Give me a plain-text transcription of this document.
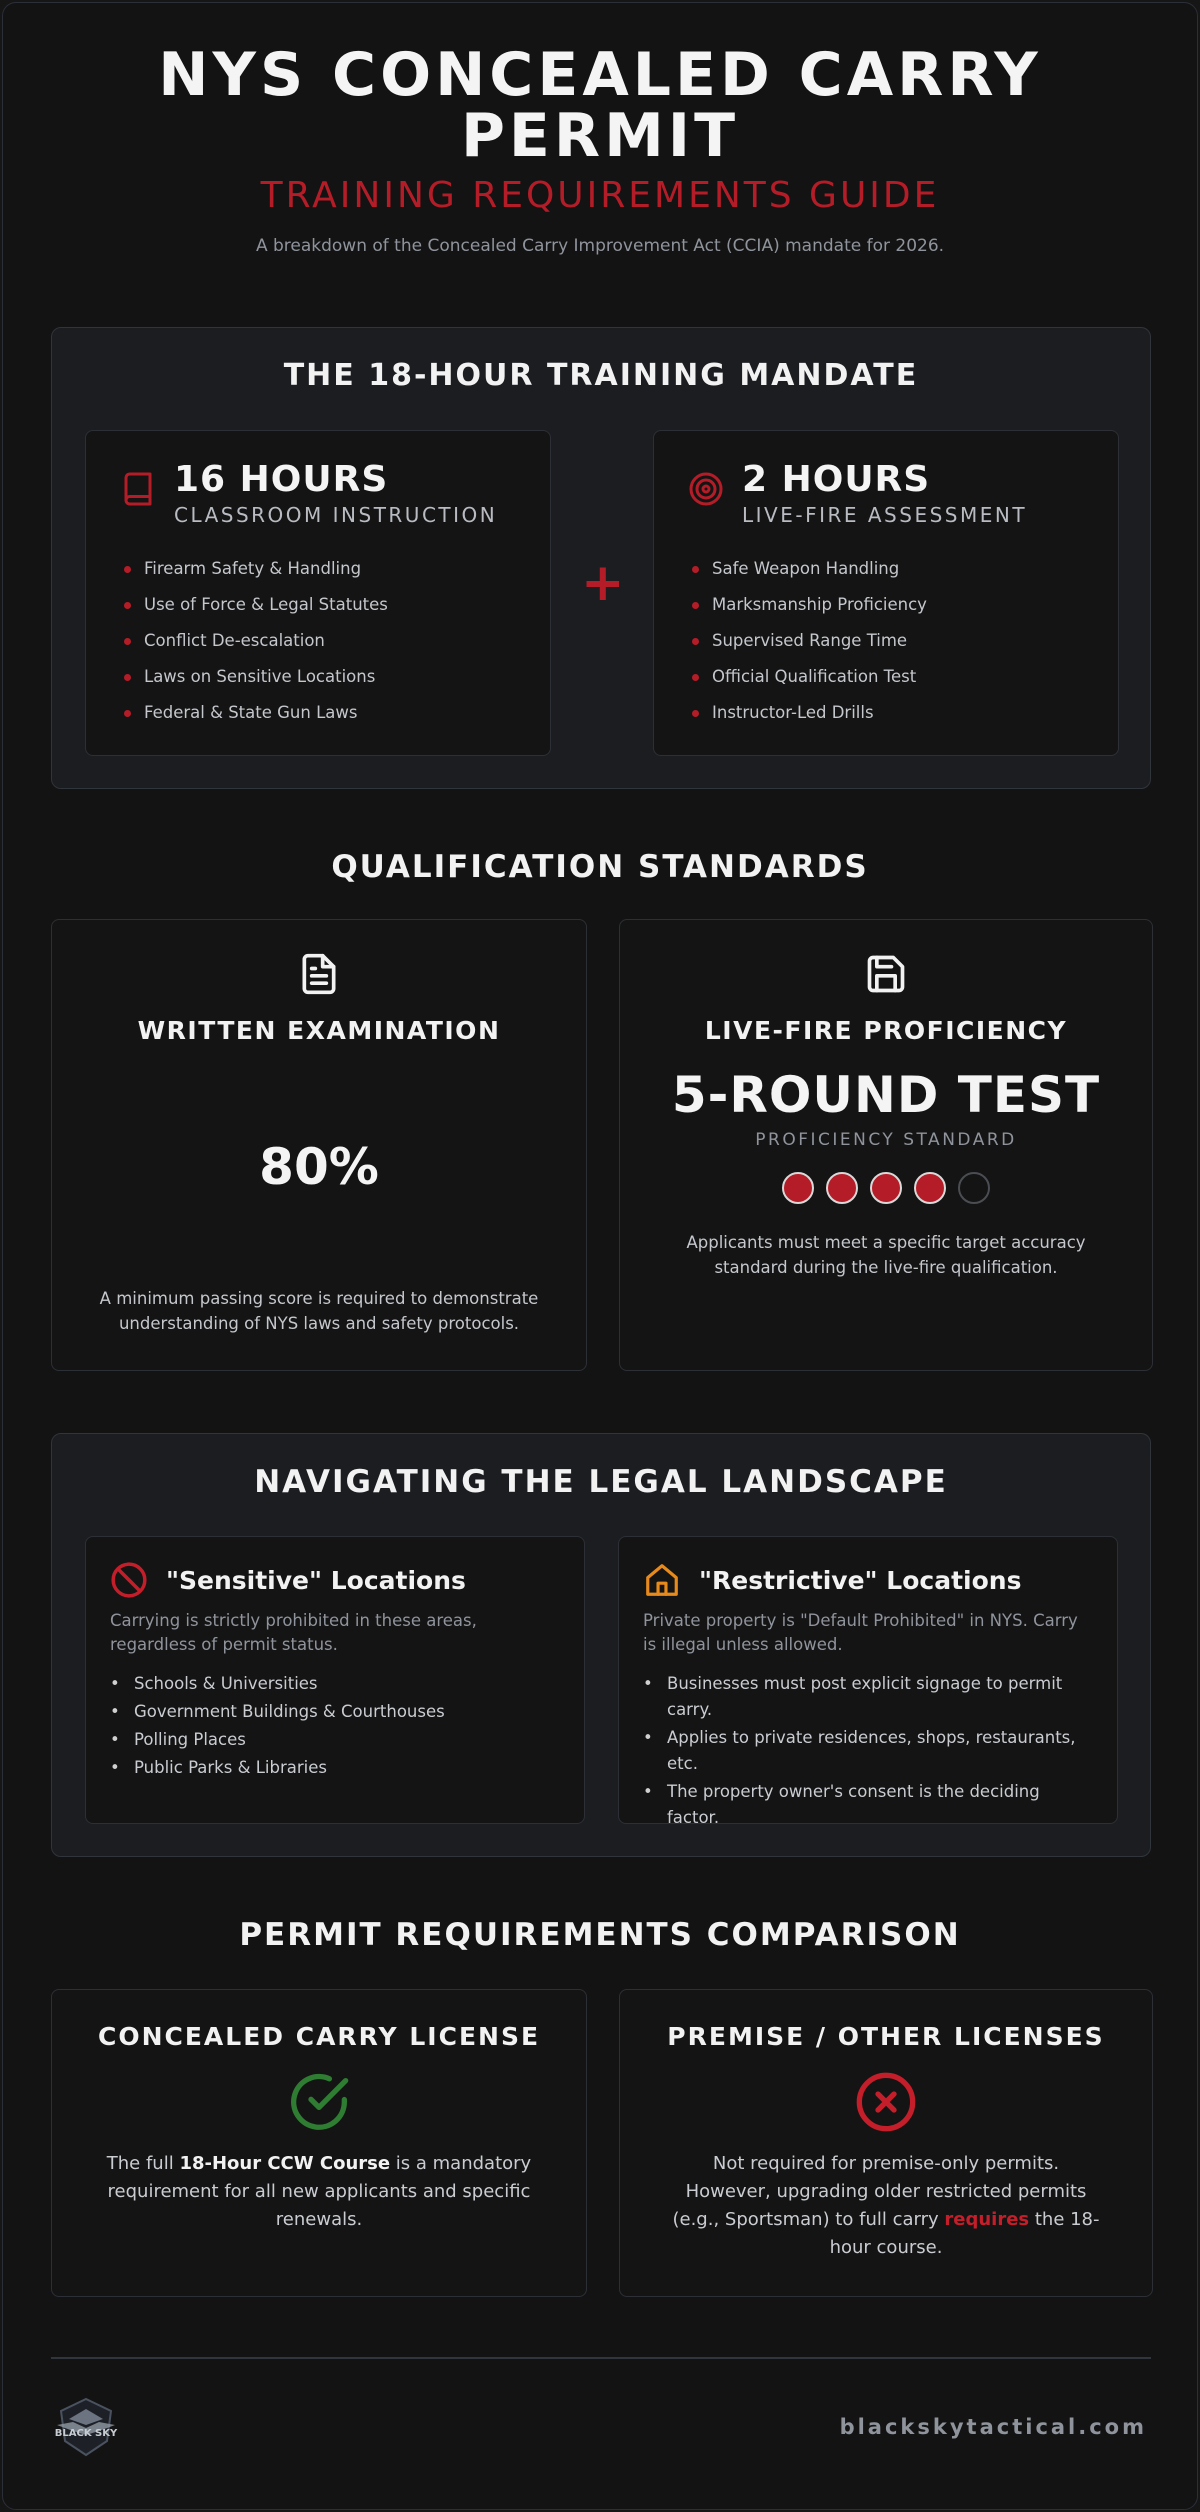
NYS CONCEALED CARRY
PERMIT
TRAINING REQUIREMENTS GUIDE
A breakdown of the Concealed Carry Improvement Act (CCIA) mandate for 2026.
THE 18-HOUR TRAINING MANDATE
16 HOURS
CLASSROOM INSTRUCTION
Firearm Safety & Handling
Use of Force & Legal Statutes
Conflict De-escalation
Laws on Sensitive Locations
Federal & State Gun Laws
2 HOURS
LIVE-FIRE ASSESSMENT
Safe Weapon Handling
Marksmanship Proficiency
Supervised Range Time
Official Qualification Test
Instructor-Led Drills
+
QUALIFICATION STANDARDS
WRITTEN EXAMINATION
80%
A minimum passing score is required to demonstrate understanding of NYS laws and safety protocols.
LIVE-FIRE PROFICIENCY
5-ROUND TEST
PROFICIENCY STANDARD
Applicants must meet a specific target accuracy standard during the live-fire qualification.
NAVIGATING THE LEGAL LANDSCAPE
"Sensitive" Locations
Carrying is strictly prohibited in these areas, regardless of permit status.
• Schools & Universities
• Government Buildings & Courthouses
• Polling Places
• Public Parks & Libraries
"Restrictive" Locations
Private property is "Default Prohibited" in NYS. Carry is illegal unless allowed.
• Businesses must post explicit signage to permit carry.
• Applies to private residences, shops, restaurants, etc.
• The property owner's consent is the deciding factor.
PERMIT REQUIREMENTS COMPARISON
CONCEALED CARRY LICENSE
The full 18-Hour CCW Course is a mandatory requirement for all new applicants and specific renewals.
PREMISE / OTHER LICENSES
Not required for premise-only permits. However, upgrading older restricted permits (e.g., Sportsman) to full carry requires the 18-hour course.
BLACK SKY	blackskytactical.com
